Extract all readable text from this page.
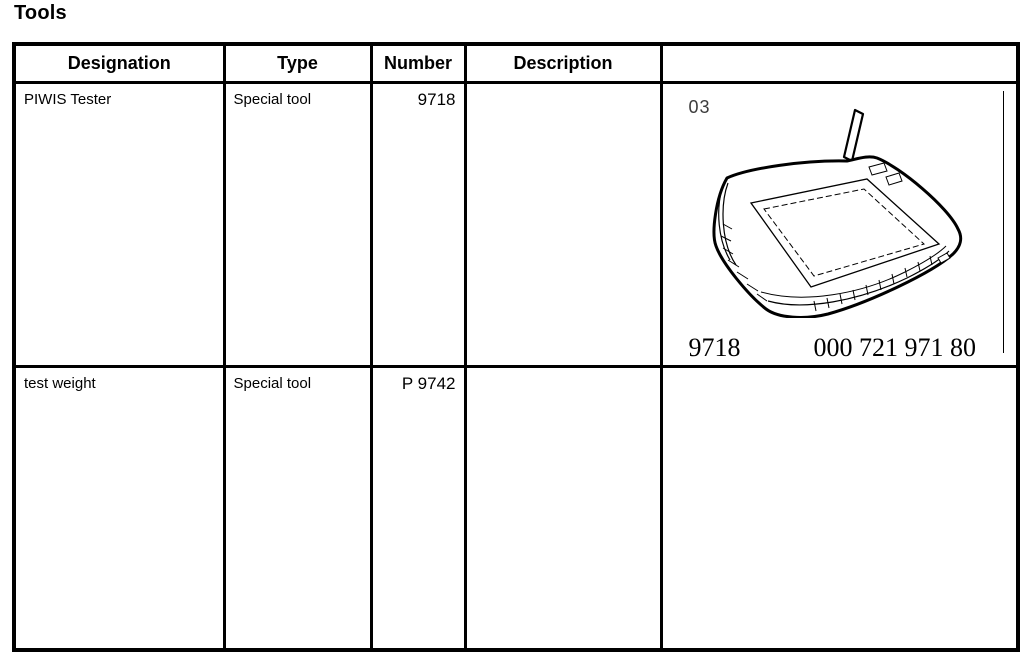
Tools
Designation	Type	Number	Description	
PIWIS Tester	Special tool	9718		03
9718 000 721 971 80

test weight	Special tool	P 9742		
